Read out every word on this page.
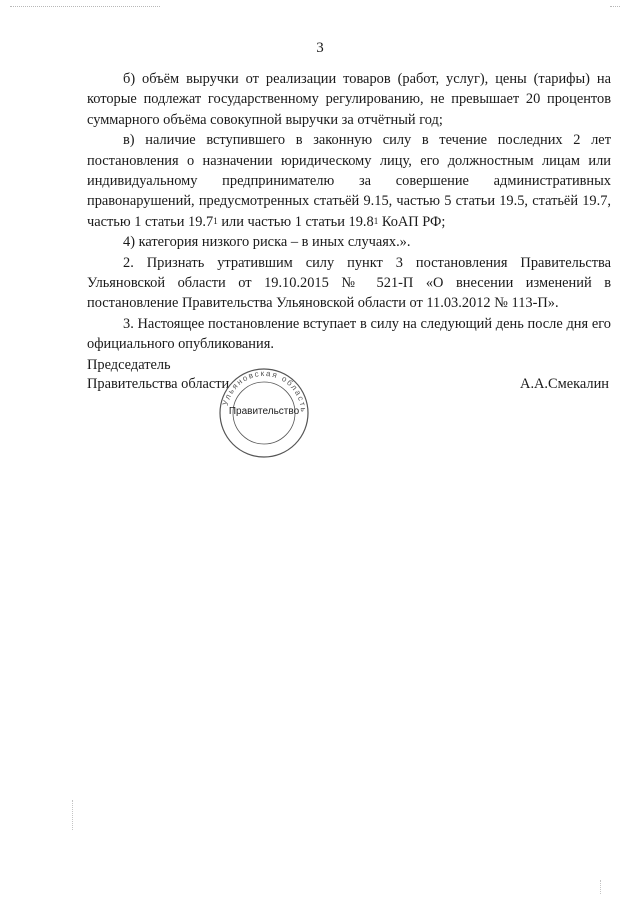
3

б) объём выручки от реализации товаров (работ, услуг), цены (тарифы) на которые подлежат государственному регулированию, не превышает 20 процентов суммарного объёма совокупной выручки за отчётный год;

в) наличие вступившего в законную силу в течение последних 2 лет постановления о назначении юридическому лицу, его должностным лицам или индивидуальному предпринимателю за совершение административных правонарушений, предусмотренных статьёй 9.15, частью 5 статьи 19.5, статьёй 19.7, частью 1 статьи 19.7$^1$ или частью 1 статьи 19.8$^1$ КоАП РФ;

4) категория низкого риска – в иных случаях.».

2. Признать утратившим силу пункт 3 постановления Правительства Ульяновской области от 19.10.2015 № 521-П «О внесении изменений в постановление Правительства Ульяновской области от 11.03.2012 № 113-П».

3. Настоящее постановление вступает в силу на следующий день после дня его официального опубликования.

Председатель
Правительства области	А.А.Смекалин
Ульяновская область
Правительство
